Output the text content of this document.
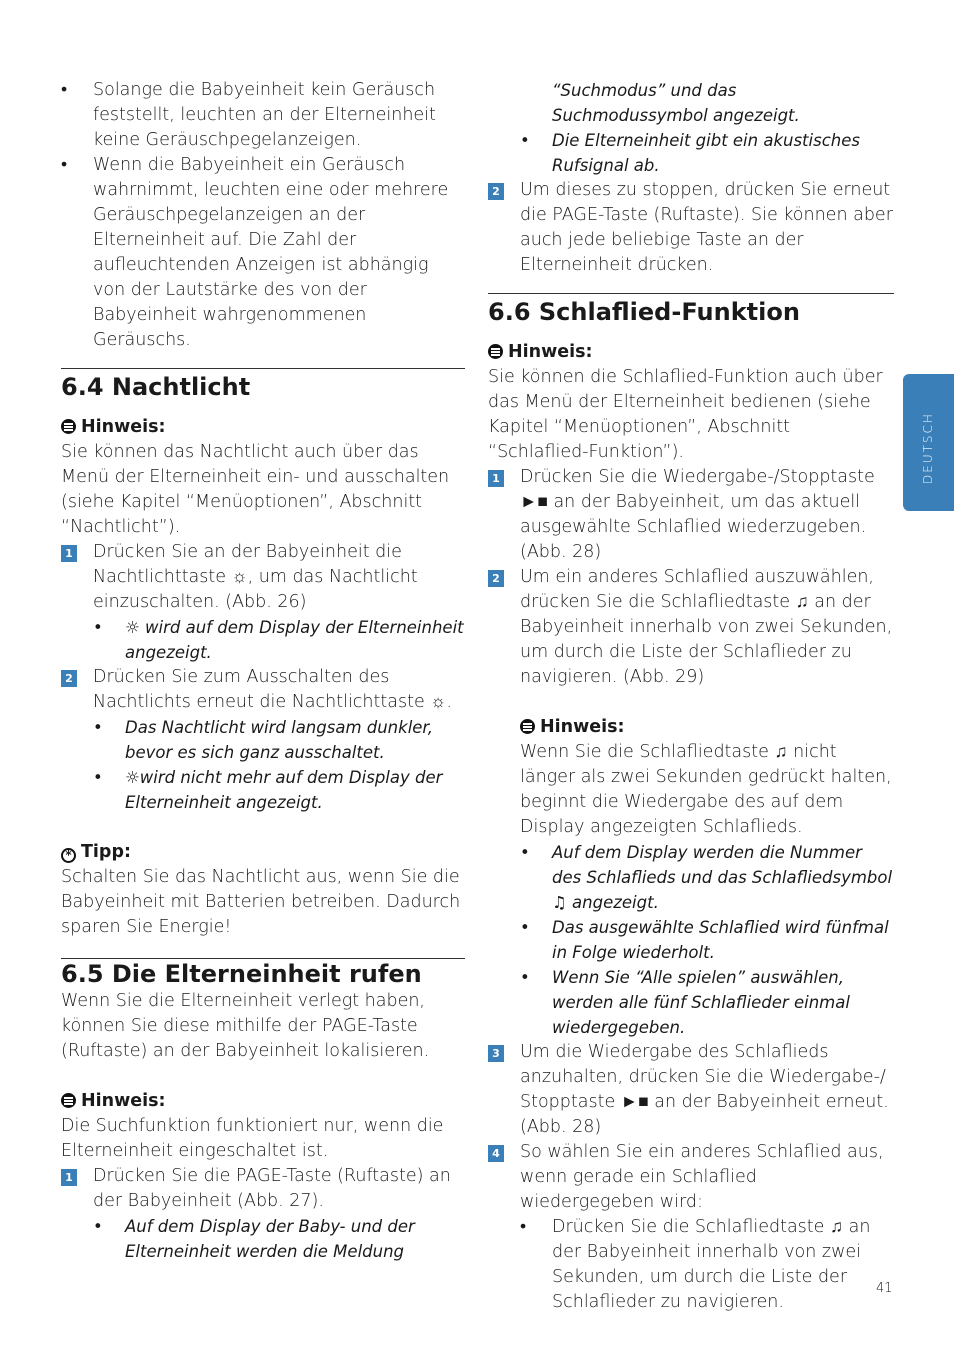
• Solange die Babyeinheit kein Geräusch feststellt, leuchten an der Elterneinheit keine Geräuschpegelanzeigen.
• Wenn die Babyeinheit ein Geräusch wahrnimmt, leuchten eine oder mehrere Geräuschpegelanzeigen an der Elterneinheit auf. Die Zahl der aufleuchtenden Anzeigen ist abhängig von der Lautstärke des von der Babyeinheit wahrgenommenen Geräuschs.
6.4 Nachtlicht
Hinweis:
Sie können das Nachtlicht auch über das Menü der Elterneinheit ein- und ausschalten (siehe Kapitel “Menüoptionen”, Abschnitt “Nachtlicht”).
1 Drücken Sie an der Babyeinheit die Nachtlichttaste ☼, um das Nachtlicht einzuschalten. (Abb. 26)
• ☼ wird auf dem Display der Elterneinheit angezeigt.
2 Drücken Sie zum Ausschalten des Nachtlichts erneut die Nachtlichttaste ☼.
• Das Nachtlicht wird langsam dunkler, bevor es sich ganz ausschaltet.
• ☼wird nicht mehr auf dem Display der Elterneinheit angezeigt.
* Tipp:
Schalten Sie das Nachtlicht aus, wenn Sie die Babyeinheit mit Batterien betreiben. Dadurch sparen Sie Energie!
6.5 Die Elterneinheit rufen
Wenn Sie die Elterneinheit verlegt haben, können Sie diese mithilfe der PAGE-Taste (Ruftaste) an der Babyeinheit lokalisieren.
Hinweis:
Die Suchfunktion funktioniert nur, wenn die Elterneinheit eingeschaltet ist.
1 Drücken Sie die PAGE-Taste (Ruftaste) an der Babyeinheit (Abb. 27).
• Auf dem Display der Baby- und der Elterneinheit werden die Meldung
“Suchmodus” und das Suchmodussymbol angezeigt.
• Die Elterneinheit gibt ein akustisches Rufsignal ab.
2 Um dieses zu stoppen, drücken Sie erneut die PAGE-Taste (Ruftaste). Sie können aber auch jede beliebige Taste an der Elterneinheit drücken.
6.6 Schlaflied-Funktion
Hinweis:
Sie können die Schlaflied-Funktion auch über das Menü der Elterneinheit bedienen (siehe Kapitel “Menüoptionen”, Abschnitt “Schlaflied-Funktion”).
1 Drücken Sie die Wiedergabe-/Stopptaste ►■ an der Babyeinheit, um das aktuell ausgewählte Schlaflied wiederzugeben. (Abb. 28)
2 Um ein anderes Schlaflied auszuwählen, drücken Sie die Schlafliedtaste ♫ an der Babyeinheit innerhalb von zwei Sekunden, um durch die Liste der Schlaflieder zu navigieren. (Abb. 29)
Hinweis:
Wenn Sie die Schlafliedtaste ♫ nicht länger als zwei Sekunden gedrückt halten, beginnt die Wiedergabe des auf dem Display angezeigten Schlaflieds.
• Auf dem Display werden die Nummer des Schlaflieds und das Schlafliedsymbol ♫ angezeigt.
• Das ausgewählte Schlaflied wird fünfmal in Folge wiederholt.
• Wenn Sie “Alle spielen” auswählen, werden alle fünf Schlaflieder einmal wiedergegeben.
3 Um die Wiedergabe des Schlaflieds anzuhalten, drücken Sie die Wiedergabe-/ Stopptaste ►■ an der Babyeinheit erneut. (Abb. 28)
4 So wählen Sie ein anderes Schlaflied aus, wenn gerade ein Schlaflied wiedergegeben wird:
• Drücken Sie die Schlafliedtaste ♫ an der Babyeinheit innerhalb von zwei Sekunden, um durch die Liste der Schlaflieder zu navigieren.
DEUTSCH
41
